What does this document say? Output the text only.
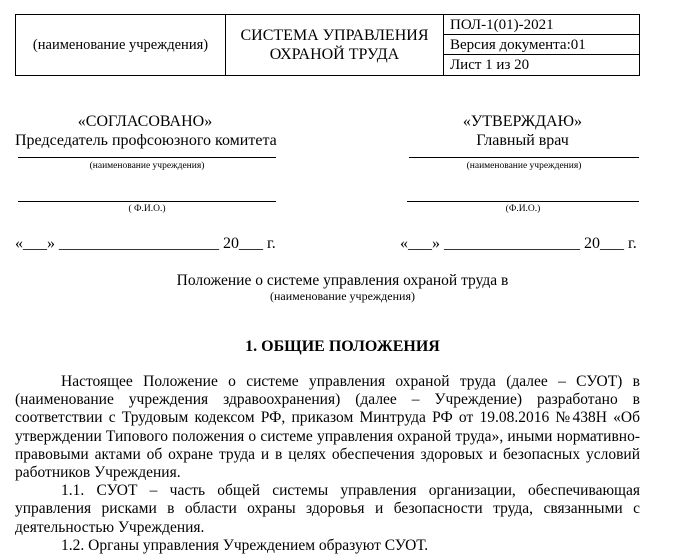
(наименование учреждения)
СИСТЕМА УПРАВЛЕНИЯ ОХРАНОЙ ТРУДА
ПОЛ-1(01)-2021
Версия документа:01
Лист 1 из 20
«СОГЛАСОВАНО»
Председатель профсоюзного комитета
(наименование учреждения)
( Ф.И.О.)
«___» ____________________ 20___ г.
«УТВЕРЖДАЮ»
Главный врач
(наименование учреждения)
(Ф.И.О.)
«___» _________________ 20___ г.
Положение о системе управления охраной труда в
(наименование учреждения)
1. ОБЩИЕ ПОЛОЖЕНИЯ

Настоящее Положение о системе управления охраной труда (далее – СУОТ) в (наименование учреждения здравоохранения) (далее – Учреждение) разработано в соответствии с Трудовым кодексом РФ, приказом Минтруда РФ от 19.08.2016 №438Н «Об утверждении Типового положения о системе управления охраной труда», иными нормативно-правовыми актами об охране труда и в целях обеспечения здоровых и безопасных условий работников Учреждения.

1.1. СУОТ – часть общей системы управления организации, обеспечивающая управления рисками в области охраны здоровья и безопасности труда, связанными с деятельностью Учреждения.

1.2. Органы управления Учреждением образуют СУОТ.
